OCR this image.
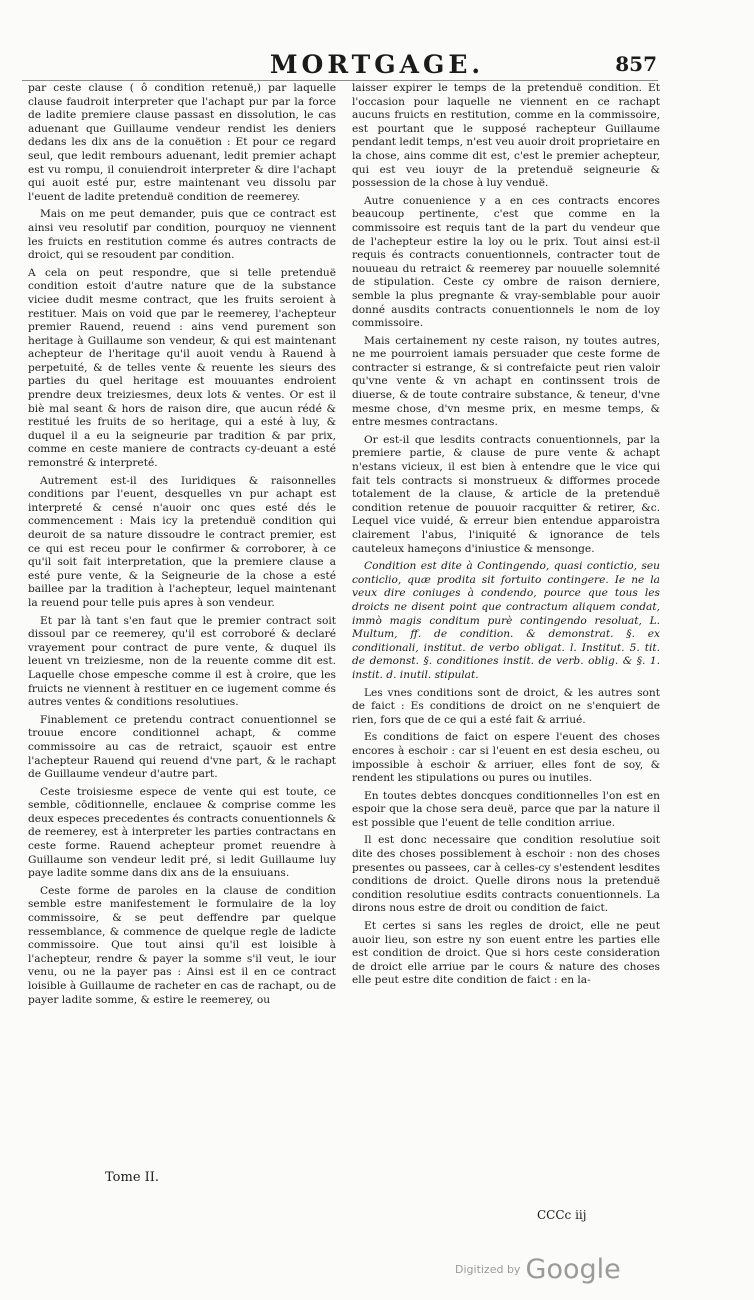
MORTGAGE.	857

par ceste clause ( ô condition retenuë,) par laquelle clause faudroit interpreter que l'achapt pur par la force de ladite premiere clause passast en dissolution, le cas aduenant que Guillaume vendeur rendist les deniers dedans les dix ans de la conuëtion : Et pour ce regard seul, que ledit rembours aduenant, ledit premier achapt est vu rompu, il conuiendroit interpreter & dire l'achapt qui auoit esté pur, estre maintenant veu dissolu par l'euent de ladite pretenduë condition de reemerey.

Mais on me peut demander, puis que ce contract est ainsi veu resolutif par condition, pourquoy ne viennent les fruicts en restitution comme és autres contracts de droict, qui se resoudent par condition.

A cela on peut respondre, que si telle pretenduë condition estoit d'autre nature que de la substance viciee dudit mesme contract, que les fruits seroient à restituer. Mais on void que par le reemerey, l'acheptеur premier Rauend, reuend : ains vend purement son heritage à Guillaume son vendeur, & qui est maintenant acheptеur de l'heritage qu'il auoit vendu à Rauend à perpetuité, & de telles vente & reuente les sieurs des parties du quel heritage est mouuantes endroient prendre deux treiziesmes, deux lots & ventes. Or est il biè mal seant & hors de raison dire, que aucun rédé & restitué les fruits de so heritage, qui a esté à luy, & duquel il a eu la seigneurie par tradition & par prix, comme en ceste maniere de contracts cy-deuant a esté remonstré & interpreté.

Autrement est-il des Iuridiques & raisonnelles conditions par l'euent, desquelles vn pur achapt est interpreté & censé n'auoir onc ques esté dés le commencement : Mais icy la pretenduë condition qui deuroit de sa nature dissoudre le contract premier, est ce qui est receu pour le confirmer & corroborer, à ce qu'il soit fait interpretation, que la premiere clause a esté pure vente, & la Seigneurie de la chose a esté baillee par la tradition à l'acheptеur, lequel maintenant la reuend pour telle puis apres à son vendeur.

Et par là tant s'en faut que le premier contract soit dissoul par ce reemerey, qu'il est corroboré & declaré vrayement pour contract de pure vente, & duquel ils leuent vn treiziesme, non de la reuente comme dit est. Laquelle chose empesche comme il est à croire, que les fruicts ne viennent à restituer en ce iugement comme és autres ventes & conditions resolutiues.

Finablement ce pretendu contract conuentionnel se trouue encore conditionnel achapt, & comme commissoire au cas de retraict, sçauoir est entre l'acheptеur Rauend qui reuend d'vne part, & le rachapt de Guillaume vendeur d'autre part.

Ceste troisiesme espece de vente qui est toute, ce semble, cōditionnelle, enclauee & comprise comme les deux especes precedentes és contracts conuentionnels & de reemerey, est à interpreter les parties contractans en ceste forme. Rauend acheptеur promet reuendre à Guillaume son vendeur ledit pré, si ledit Guillaume luy paye ladite somme dans dix ans de la ensuiuans.

Ceste forme de paroles en la clause de condition semble estre manifestement le formulaire de la loy commissoire, & se peut deffendre par quelque ressemblance, & commence de quelque regle de ladicte commissoire. Que tout ainsi qu'il est loisible à l'acheptеur, rendre & payer la somme s'il veut, le iour venu, ou ne la payer pas : Ainsi est il en ce contract loisible à Guillaume de racheter en cas de rachapt, ou de payer ladite somme, & estire le reemerey, ou

laisser expirer le temps de la pretenduë condition. Et l'occasion pour laquelle ne viennent en ce rachapt aucuns fruicts en restitution, comme en la commissoire, est pourtant que le supposé racheptеur Guillaume pendant ledit temps, n'est veu auoir droit proprietaire en la chose, ains comme dit est, c'est le premier acheptеur, qui est veu iouyr de la pretenduë seigneurie & possession de la chose à luy venduë.

Autre conuenience y a en ces contracts encores beaucoup pertinente, c'est que comme en la commissoire est requis tant de la part du vendeur que de l'acheptеur estire la loy ou le prix. Tout ainsi est-il requis és contracts conuentionnels, contracter tout de nouueau du retraict & reemerey par nouuelle solemnité de stipulation. Ceste cy ombre de raison derniere, semble la plus pregnante & vray-semblable pour auoir donné ausdits contracts conuentionnels le nom de loy commissoire.

Mais certainement ny ceste raison, ny toutes autres, ne me pourroient iamais persuader que ceste forme de contracter si estrange, & si contrefaicte peut rien valoir qu'vne vente & vn achapt en continssent trois de diuerse, & de toute contraire substance, & teneur, d'vne mesme chose, d'vn mesme prix, en mesme temps, & entre mesmes contractans.

Or est-il que lesdits contracts conuentionnels, par la premiere partie, & clause de pure vente & achapt n'estans vicieux, il est bien à entendre que le vice qui fait tels contracts si monstrueux & difformes procede totalement de la clause, & article de la pretenduë condition retenue de pouuoir racquitter & retirer, &c. Lequel vice vuidé, & erreur bien entendue apparoistra clairement l'abus, l'iniquité & ignorance de tels cauteleux hameçons d'iniustice & mensonge.

Condition est dite à Contingendo, quasi contictio, seu conticlio, quæ prodita sit fortuito contingere. Ie ne la veux dire coniuges à condendo, pource que tous les droicts ne disent point que contractum aliquem condat, immò magis conditum purè contingendo resoluat, L. Multum, ff. de condition. & demonstrat. §. ex conditionali, institut. de verbo obligat. l. Institut. 5. tit. de demonst. §. conditiones instit. de verb. oblig. & §. 1. instit. d. inutil. stipulat.

Les vnes conditions sont de droict, & les autres sont de faict : Es conditions de droict on ne s'enquiert de rien, fors que de ce qui a esté fait & arriué.

Es conditions de faict on espere l'euent des choses encores à eschoir : car si l'euent en est desia escheu, ou impossible à eschoir & arriuer, elles font de soy, & rendent les stipulations ou pures ou inutiles.

En toutes debtes doncques conditionnelles l'on est en espoir que la chose sera deuë, parce que par la nature il est possible que l'euent de telle condition arriue.

Il est donc necessaire que condition resolutiue soit dite des choses possiblement à eschoir : non des choses presentes ou passees, car à celles-cy s'estendent lesdites conditions de droict. Quelle dirons nous la pretenduë condition resolutiue esdits contracts conuentionnels. La dirons nous estre de droit ou condition de faict.

Et certes si sans les regles de droict, elle ne peut auoir lieu, son estre ny son euent entre les parties elle est condition de droict. Que si hors ceste consideration de droict elle arriue par le cours & nature des choses elle peut estre dite condition de faict : en la-

Tome II.
CCCc iij
Digitized by Google
